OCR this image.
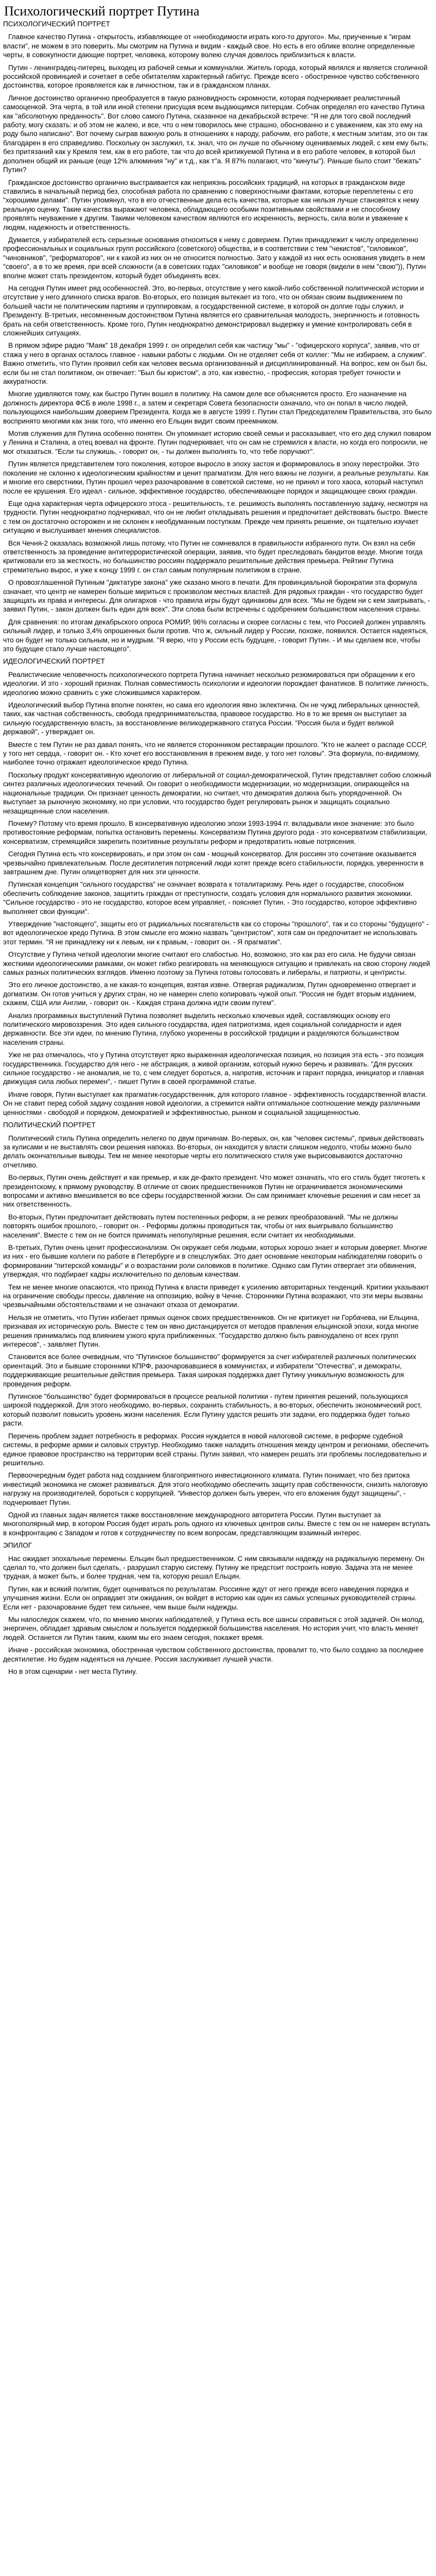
Психологический портрет Путина
ПСИХОЛОГИЧЕСКИЙ ПОРТРЕТ

Главное качество Путина - открытость, избавляющее от «необходимости играть кого-то другого». Мы, приученные к "играм власти", не можем в это поверить. Мы смотрим на Путина и видим - каждый свое. Но есть в его облике вполне определенные черты, в совокупности дающие портрет, человека, которому волею случая довелось приблизиться к власти.

Путин - ленинградец-питерец, выходец из рабочей семьи и коммуналки. Житель города, который являлся и является столичной российской провинцией и сочетает в себе обитателям характерный габитус. Прежде всего - обостренное чувство собственного достоинства, которое проявляется как в личностном, так и в гражданском планах.

Личное достоинство органично преобразуется в такую разновидность скромности, которая подчеркивает реалистичный самооценкой. Эта черта, в той или иной степени присущая всем выдающимся питерцам. Собчак определял его качество Путина как "абсолютную преданность". Вот слово самого Путина, сказанное на декабрьской встрече: "Я не для того свой последний работу, могу сказать: и об этом не жалею, и все, что о нем говорилось мне страшно, обоснованно и с уважением, как это ему на роду было написано". Вот почему сыграв важную роль в отношениях к народу, рабочим, его работе, к местным элитам, это он так благодарен в его справедливо. Поскольку он заслужил, т.к. знал, что он лучше по обычному оцениваемых людей, с кем ему быть; без притязаний как у Кремля тем, как в его работе, так что до всей критикуемой Путина и в его работе человек, в которой был дополнен общий их раньше (еще 12% алюминия "ну" и т.д., как т"а. Я 87% полагают, что "кинуты"). Раньше было стоит "бежать" Путин?

Гражданское достоинство органично выстраивается как неприязнь российских традиций, на которых в гражданском виде ставились в начальный период без, способная работа по сравнению с поверхностными фактами, которые переплетены с его "хорошими делами". Путин упомянул, что в его отчественные дела есть качества, которые как нельзя лучше становятся к нему реальную оценку. Такие качества выражают человека, обладающего особыми позитивными свойствами и не способному проявлять неуважение к другим. Такими человеком качеством являются его искренность, верность, сила воли и уважение к людям, надежность и ответственность.

Думается, у избирателей есть серьезные основания относиться к нему с доверием. Путин принадлежит к числу определенно профессиональных и социальных групп российского (советского) общества, и в соответствии с тем "чекистов", "силовиков", "чиновников", "реформаторов", ни к какой из них он не относится полностью. Зато у каждой из них есть основания увидеть в нем "своего", а в то же время, при всей сложности (а в советских годах "силовиков" и вообще не говоря (видели в нем "свою")), Путин вполне может стать президентом, который будет объединять всех.

На сегодня Путин имеет ряд особенностей. Это, во-первых, отсутствие у него какой-либо собственной политической истории и отсутствие у него длинного списка врагов. Во-вторых, его позиция вытекает из того, что он обязан своим выдвижением по большей части не политическим партиям и группировкам, а государственной системе, в которой он долгие годы служил, и Президенту. В-третьих, несомненным достоинством Путина является его сравнительная молодость, энергичность и готовность брать на себя ответственность. Кроме того, Путин неоднократно демонстрировал выдержку и умение контролировать себя в сложнейших ситуациях.

В прямом эфире радио "Маяк" 18 декабря 1999 г. он определил себя как частицу "мы" - "офицерского корпуса", заявив, что от стажа у него в органах осталось главное - навыки работы с людьми. Он не отделяет себя от коллег: "Мы не избираем, а служим". Важно отметить, что Путин проявил себя как человек весьма организованный и дисциплинированный. На вопрос, кем он был бы, если бы не стал политиком, он отвечает: "Был бы юристом", а это, как известно, - профессия, которая требует точности и аккуратности.

Многие удивляются тому, как быстро Путин вошел в политику. На самом деле все объясняется просто. Его назначение на должность директора ФСБ в июле 1998 г., а затем и секретаря Совета безопасности означало, что он попал в число людей, пользующихся наибольшим доверием Президента. Когда же в августе 1999 г. Путин стал Председателем Правительства, это было воспринято многими как знак того, что именно его Ельцин видит своим преемником.

Мотив служения для Путина особенно понятен. Он упоминает историю своей семьи и рассказывает, что его дед служил поваром у Ленина и Сталина, а отец воевал на фронте. Путин подчеркивает, что он сам не стремился к власти, но когда его попросили, не мог отказаться. "Если ты служишь, - говорит он, - ты должен выполнять то, что тебе поручают".

Путин является представителем того поколения, которое выросло в эпоху застоя и формировалось в эпоху перестройки. Это поколение не склонно к идеологическим крайностям и ценит прагматизм. Для него важны не лозунги, а реальные результаты. Как и многие его сверстники, Путин прошел через разочарование в советской системе, но не принял и того хаоса, который наступил после ее крушения. Его идеал - сильное, эффективное государство, обеспечивающее порядок и защищающее своих граждан.

Еще одна характерная черта офицерского этоса - решительность, т.е. решимость выполнять поставленную задачу, несмотря на трудности. Путин неоднократно подчеркивал, что он не любит откладывать решения и предпочитает действовать быстро. Вместе с тем он достаточно осторожен и не склонен к необдуманным поступкам. Прежде чем принять решение, он тщательно изучает ситуацию и выслушивает мнения специалистов.

Вся Чечня-2 оказалась возможной лишь потому, что Путин не сомневался в правильности избранного пути. Он взял на себя ответственность за проведение антитеррористической операции, заявив, что будет преследовать бандитов везде. Многие тогда критиковали его за жесткость, но большинство россиян поддержало решительные действия премьера. Рейтинг Путина стремительно вырос, и уже к концу 1999 г. он стал самым популярным политиком в стране.

О провозглашенной Путиным "диктатуре закона" уже сказано много в печати. Для провинциальной бюрократии эта формула означает, что центр не намерен больше мириться с произволом местных властей. Для рядовых граждан - что государство будет защищать их права и интересы. Для олигархов - что правила игры будут одинаковы для всех. "Мы не будем ни с кем заигрывать, - заявил Путин, - закон должен быть един для всех". Эти слова были встречены с одобрением большинством населения страны.

Для сравнения: по итогам декабрьского опроса РОМИР, 96% согласны и скорее согласны с тем, что Россией должен управлять сильный лидер, и только 3,4% опрошенных были против. Что ж, сильный лидер у России, похоже, появился. Остается надеяться, что он будет не только сильным, но и мудрым. "Я верю, что у России есть будущее, - говорит Путин. - И мы сделаем все, чтобы это будущее стало лучше настоящего".

ИДЕОЛОГИЧЕСКИЙ ПОРТРЕТ

Реалистические человечность психологического портрета Путина начинает несколько резюмироваться при обращении к его идеологии. И это - хороший признак. Полная совместимость психологии и идеологии порождает фанатиков. В политике личность, идеологию можно сравнить с уже сложившимся характером.

Идеологический выбор Путина вполне понятен, но сама его идеология явно эклектична. Он не чужд либеральных ценностей, таких, как частная собственность, свобода предпринимательства, правовое государство. Но в то же время он выступает за сильную государственную власть, за восстановление великодержавного статуса России. "Россия была и будет великой державой", - утверждает он.

Вместе с тем Путин не раз давал понять, что не является сторонником реставрации прошлого. "Кто не жалеет о распаде СССР, у того нет сердца, - говорит он. - Кто хочет его восстановления в прежнем виде, у того нет головы". Эта формула, по-видимому, наиболее точно отражает идеологическое кредо Путина.

Поскольку продукт консервативную идеологию от либеральной от социал-демократической, Путин представляет собою сложный синтез различных идеологических течений. Он говорит о необходимости модернизации, но модернизации, опирающейся на национальные традиции. Он признает ценность демократии, но считает, что демократия должна быть упорядоченной. Он выступает за рыночную экономику, но при условии, что государство будет регулировать рынок и защищать социально незащищенные слои населения.

Почему? Потому что время прошло. В консервативную идеологию эпохи 1993-1994 гг. вкладывали иное значение: это было противостояние реформам, попытка остановить перемены. Консерватизм Путина другого рода - это консерватизм стабилизации, консерватизм, стремящийся закрепить позитивные результаты реформ и предотвратить новые потрясения.

Сегодня Путина есть что консервировать, и при этом он сам - мощный консерватор. Для россиян это сочетание оказывается чрезвычайно привлекательным. После десятилетия потрясений люди хотят прежде всего стабильности, порядка, уверенности в завтрашнем дне. Путин олицетворяет для них эти ценности.

Путинская концепция "сильного государства" не означает возврата к тоталитаризму. Речь идет о государстве, способном обеспечить соблюдение законов, защитить граждан от преступности, создать условия для нормального развития экономики. "Сильное государство - это не государство, которое всем управляет, - поясняет Путин. - Это государство, которое эффективно выполняет свои функции".

Утверждение "настоящего", защиты его от радикальных посягательств как со стороны "прошлого", так и со стороны "будущего" - вот идеологическое кредо Путина. В этом смысле его можно назвать "центристом", хотя сам он предпочитает не использовать этот термин. "Я не принадлежу ни к левым, ни к правым, - говорит он. - Я прагматик".

Отсутствие у Путина четкой идеологии многие считают его слабостью. Но, возможно, это как раз его сила. Не будучи связан жесткими идеологическими рамками, он может гибко реагировать на меняющуюся ситуацию и привлекать на свою сторону людей самых разных политических взглядов. Именно поэтому за Путина готовы голосовать и либералы, и патриоты, и центристы.

Это его личное достоинство, а не какая-то концепция, взятая извне. Отвергая радикализм, Путин одновременно отвергает и догматизм. Он готов учиться у других стран, но не намерен слепо копировать чужой опыт. "Россия не будет вторым изданием, скажем, США или Англии, - говорит он. - Каждая страна должна идти своим путем".

Анализ программных выступлений Путина позволяет выделить несколько ключевых идей, составляющих основу его политического мировоззрения. Это идея сильного государства, идея патриотизма, идея социальной солидарности и идея державности. Все эти идеи, по мнению Путина, глубоко укоренены в российской традиции и разделяются большинством населения страны.

Уже не раз отмечалось, что у Путина отсутствует ярко выраженная идеологическая позиция, но позиция эта есть - это позиция государственника. Государство для него - не абстракция, а живой организм, который нужно беречь и развивать. "Для русских сильное государство - не аномалия, не то, с чем следует бороться, а, напротив, источник и гарант порядка, инициатор и главная движущая сила любых перемен", - пишет Путин в своей программной статье.

Иначе говоря, Путин выступает как прагматик-государственник, для которого главное - эффективность государственной власти. Он не ставит перед собой задачу создания новой идеологии, а стремится найти оптимальное соотношение между различными ценностями - свободой и порядком, демократией и эффективностью, рынком и социальной защищенностью.

ПОЛИТИЧЕСКИЙ ПОРТРЕТ

Политический стиль Путина определить нелегко по двум причинам. Во-первых, он, как "человек системы", привык действовать за кулисами и не выставлять свои решения напоказ. Во-вторых, он находится у власти слишком недолго, чтобы можно было делать окончательные выводы. Тем не менее некоторые черты его политического стиля уже вырисовываются достаточно отчетливо.

Во-первых, Путин очень действует и как премьер, и как де-факто президент. Что может означать, что его стиль будет тяготеть к президентскому, к прямому руководству. В отличие от своих предшественников Путин не ограничивается экономическими вопросами и активно вмешивается во все сферы государственной жизни. Он сам принимает ключевые решения и сам несет за них ответственность.

Во-вторых, Путин предпочитает действовать путем постепенных реформ, а не резких преобразований. "Мы не должны повторять ошибок прошлого, - говорит он. - Реформы должны проводиться так, чтобы от них выигрывало большинство населения". Вместе с тем он не боится принимать непопулярные решения, если считает их необходимыми.

В-третьих, Путин очень ценит профессионализм. Он окружает себя людьми, которых хорошо знает и которым доверяет. Многие из них - его бывшие коллеги по работе в Петербурге и в спецслужбах. Это дает основание некоторым наблюдателям говорить о формировании "питерской команды" и о возрастании роли силовиков в политике. Однако сам Путин отвергает эти обвинения, утверждая, что подбирает кадры исключительно по деловым качествам.

Тем не менее многие опасаются, что приход Путина к власти приведет к усилению авторитарных тенденций. Критики указывают на ограничение свободы прессы, давление на оппозицию, войну в Чечне. Сторонники Путина возражают, что эти меры вызваны чрезвычайными обстоятельствами и не означают отказа от демократии.

Нельзя не отметить, что Путин избегает прямых оценок своих предшественников. Он не критикует ни Горбачева, ни Ельцина, признавая их историческую роль. Вместе с тем он явно дистанцируется от методов правления ельцинской эпохи, когда многие решения принимались под влиянием узкого круга приближенных. "Государство должно быть равноудалено от всех групп интересов", - заявляет Путин.

Становится все более очевидным, что "Путинское большинство" формируется за счет избирателей различных политических ориентаций. Это и бывшие сторонники КПРФ, разочаровавшиеся в коммунистах, и избиратели "Отечества", и демократы, поддерживающие решительные действия премьера. Такая широкая поддержка дает Путину уникальную возможность для проведения реформ.

Путинское "большинство" будет формироваться в процессе реальной политики - путем принятия решений, пользующихся широкой поддержкой. Для этого необходимо, во-первых, сохранить стабильность, а во-вторых, обеспечить экономический рост, который позволит повысить уровень жизни населения. Если Путину удастся решить эти задачи, его поддержка будет только расти.

Перечень проблем задает потребность в реформах. Россия нуждается в новой налоговой системе, в реформе судебной системы, в реформе армии и силовых структур. Необходимо также наладить отношения между центром и регионами, обеспечить единое правовое пространство на территории всей страны. Путин заявил, что намерен решать эти проблемы последовательно и решительно.

Первоочередным будет работа над созданием благоприятного инвестиционного климата. Путин понимает, что без притока инвестиций экономика не сможет развиваться. Для этого необходимо обеспечить защиту прав собственности, снизить налоговую нагрузку на производителей, бороться с коррупцией. "Инвестор должен быть уверен, что его вложения будут защищены", - подчеркивает Путин.

Одной из главных задач является также восстановление международного авторитета России. Путин выступает за многополярный мир, в котором Россия будет играть роль одного из ключевых центров силы. Вместе с тем он не намерен вступать в конфронтацию с Западом и готов к сотрудничеству по всем вопросам, представляющим взаимный интерес.

ЭПИЛОГ

Нас ожидает эпохальные перемены. Ельцин был предшественником. С ним связывали надежду на радикальную перемену. Он сделал то, что должен был сделать, - разрушил старую систему. Путину же предстоит построить новую. Задача эта не менее трудная, а может быть, и более трудная, чем та, которую решал Ельцин.

Путин, как и всякий политик, будет оцениваться по результатам. Россияне ждут от него прежде всего наведения порядка и улучшения жизни. Если он оправдает эти ожидания, он войдет в историю как один из самых успешных руководителей страны. Если нет - разочарование будет тем сильнее, чем выше были надежды.

Мы напоследок скажем, что, по мнению многих наблюдателей, у Путина есть все шансы справиться с этой задачей. Он молод, энергичен, обладает здравым смыслом и пользуется поддержкой большинства населения. Но история учит, что власть меняет людей. Останется ли Путин таким, каким мы его знаем сегодня, покажет время.

Иначе - российская экономика, обостренная чувством собственного достоинства, провалит то, что было создано за последнее десятилетие. Но будем надеяться на лучшее. Россия заслуживает лучшей участи.

Но в этом сценарии - нет места Путину.
